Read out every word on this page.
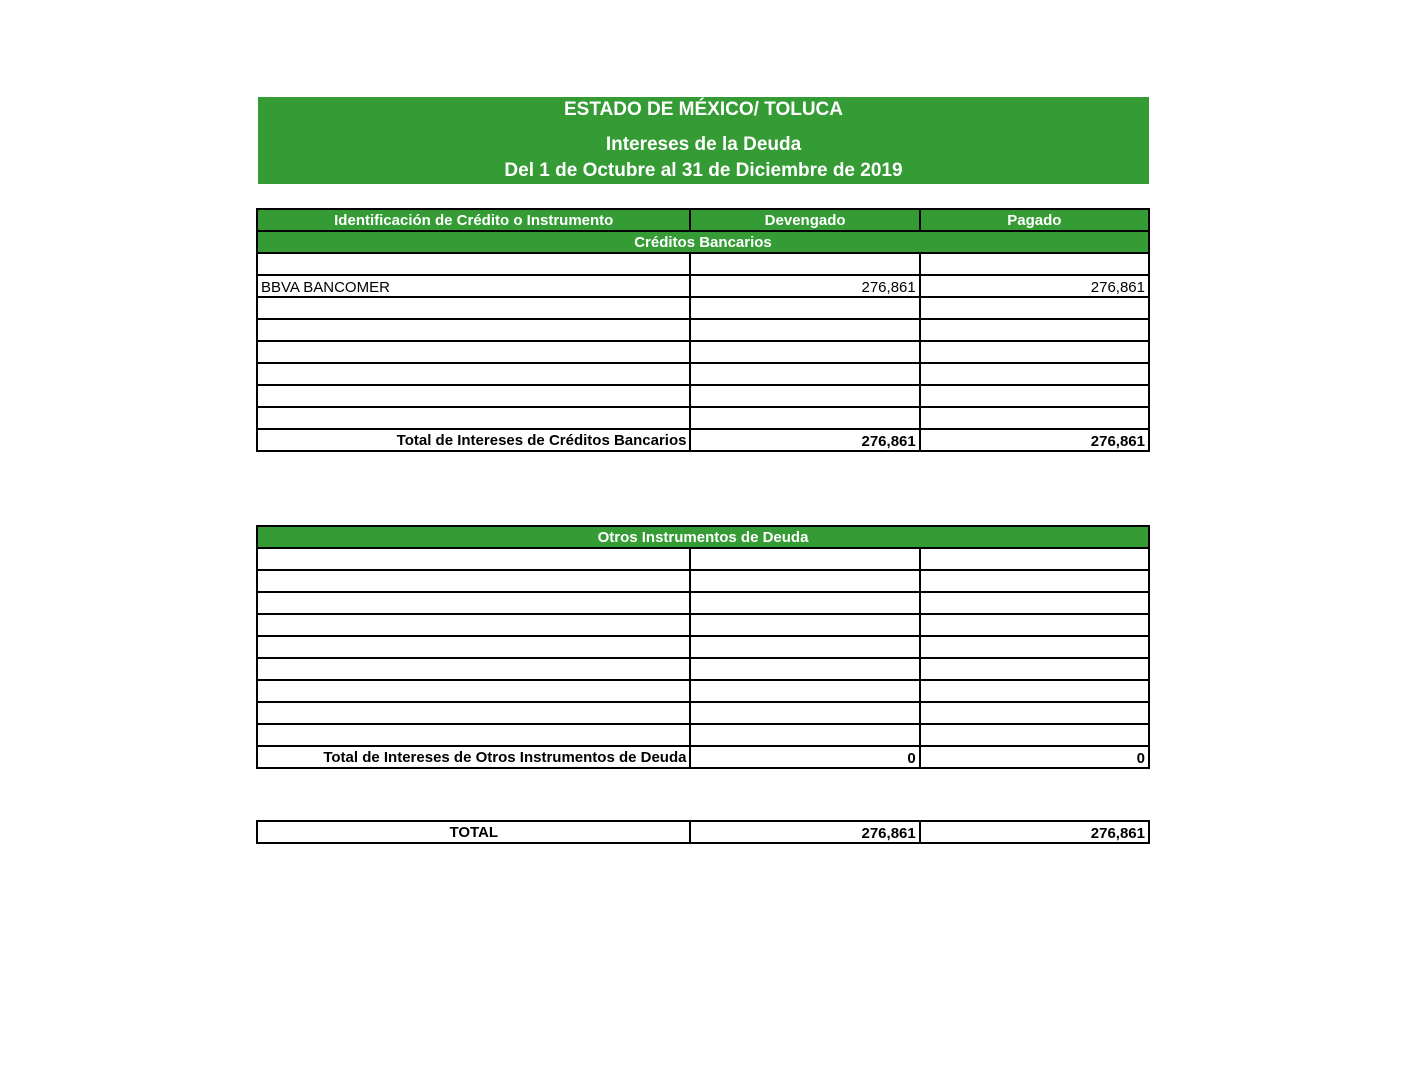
ESTADO DE MÉXICO/ TOLUCA
Intereses de la Deuda
Del 1 de Octubre al 31 de Diciembre de 2019
Identificación de Crédito o Instrumento	Devengado	Pagado
Créditos Bancarios		

BBVA BANCOMER	276,861	276,861

Total de Intereses de Créditos Bancarios	276,861	276,861
Otros Instrumentos de Deuda		

Total de Intereses de Otros Instrumentos de Deuda	0	0
TOTAL	276,861	276,861
